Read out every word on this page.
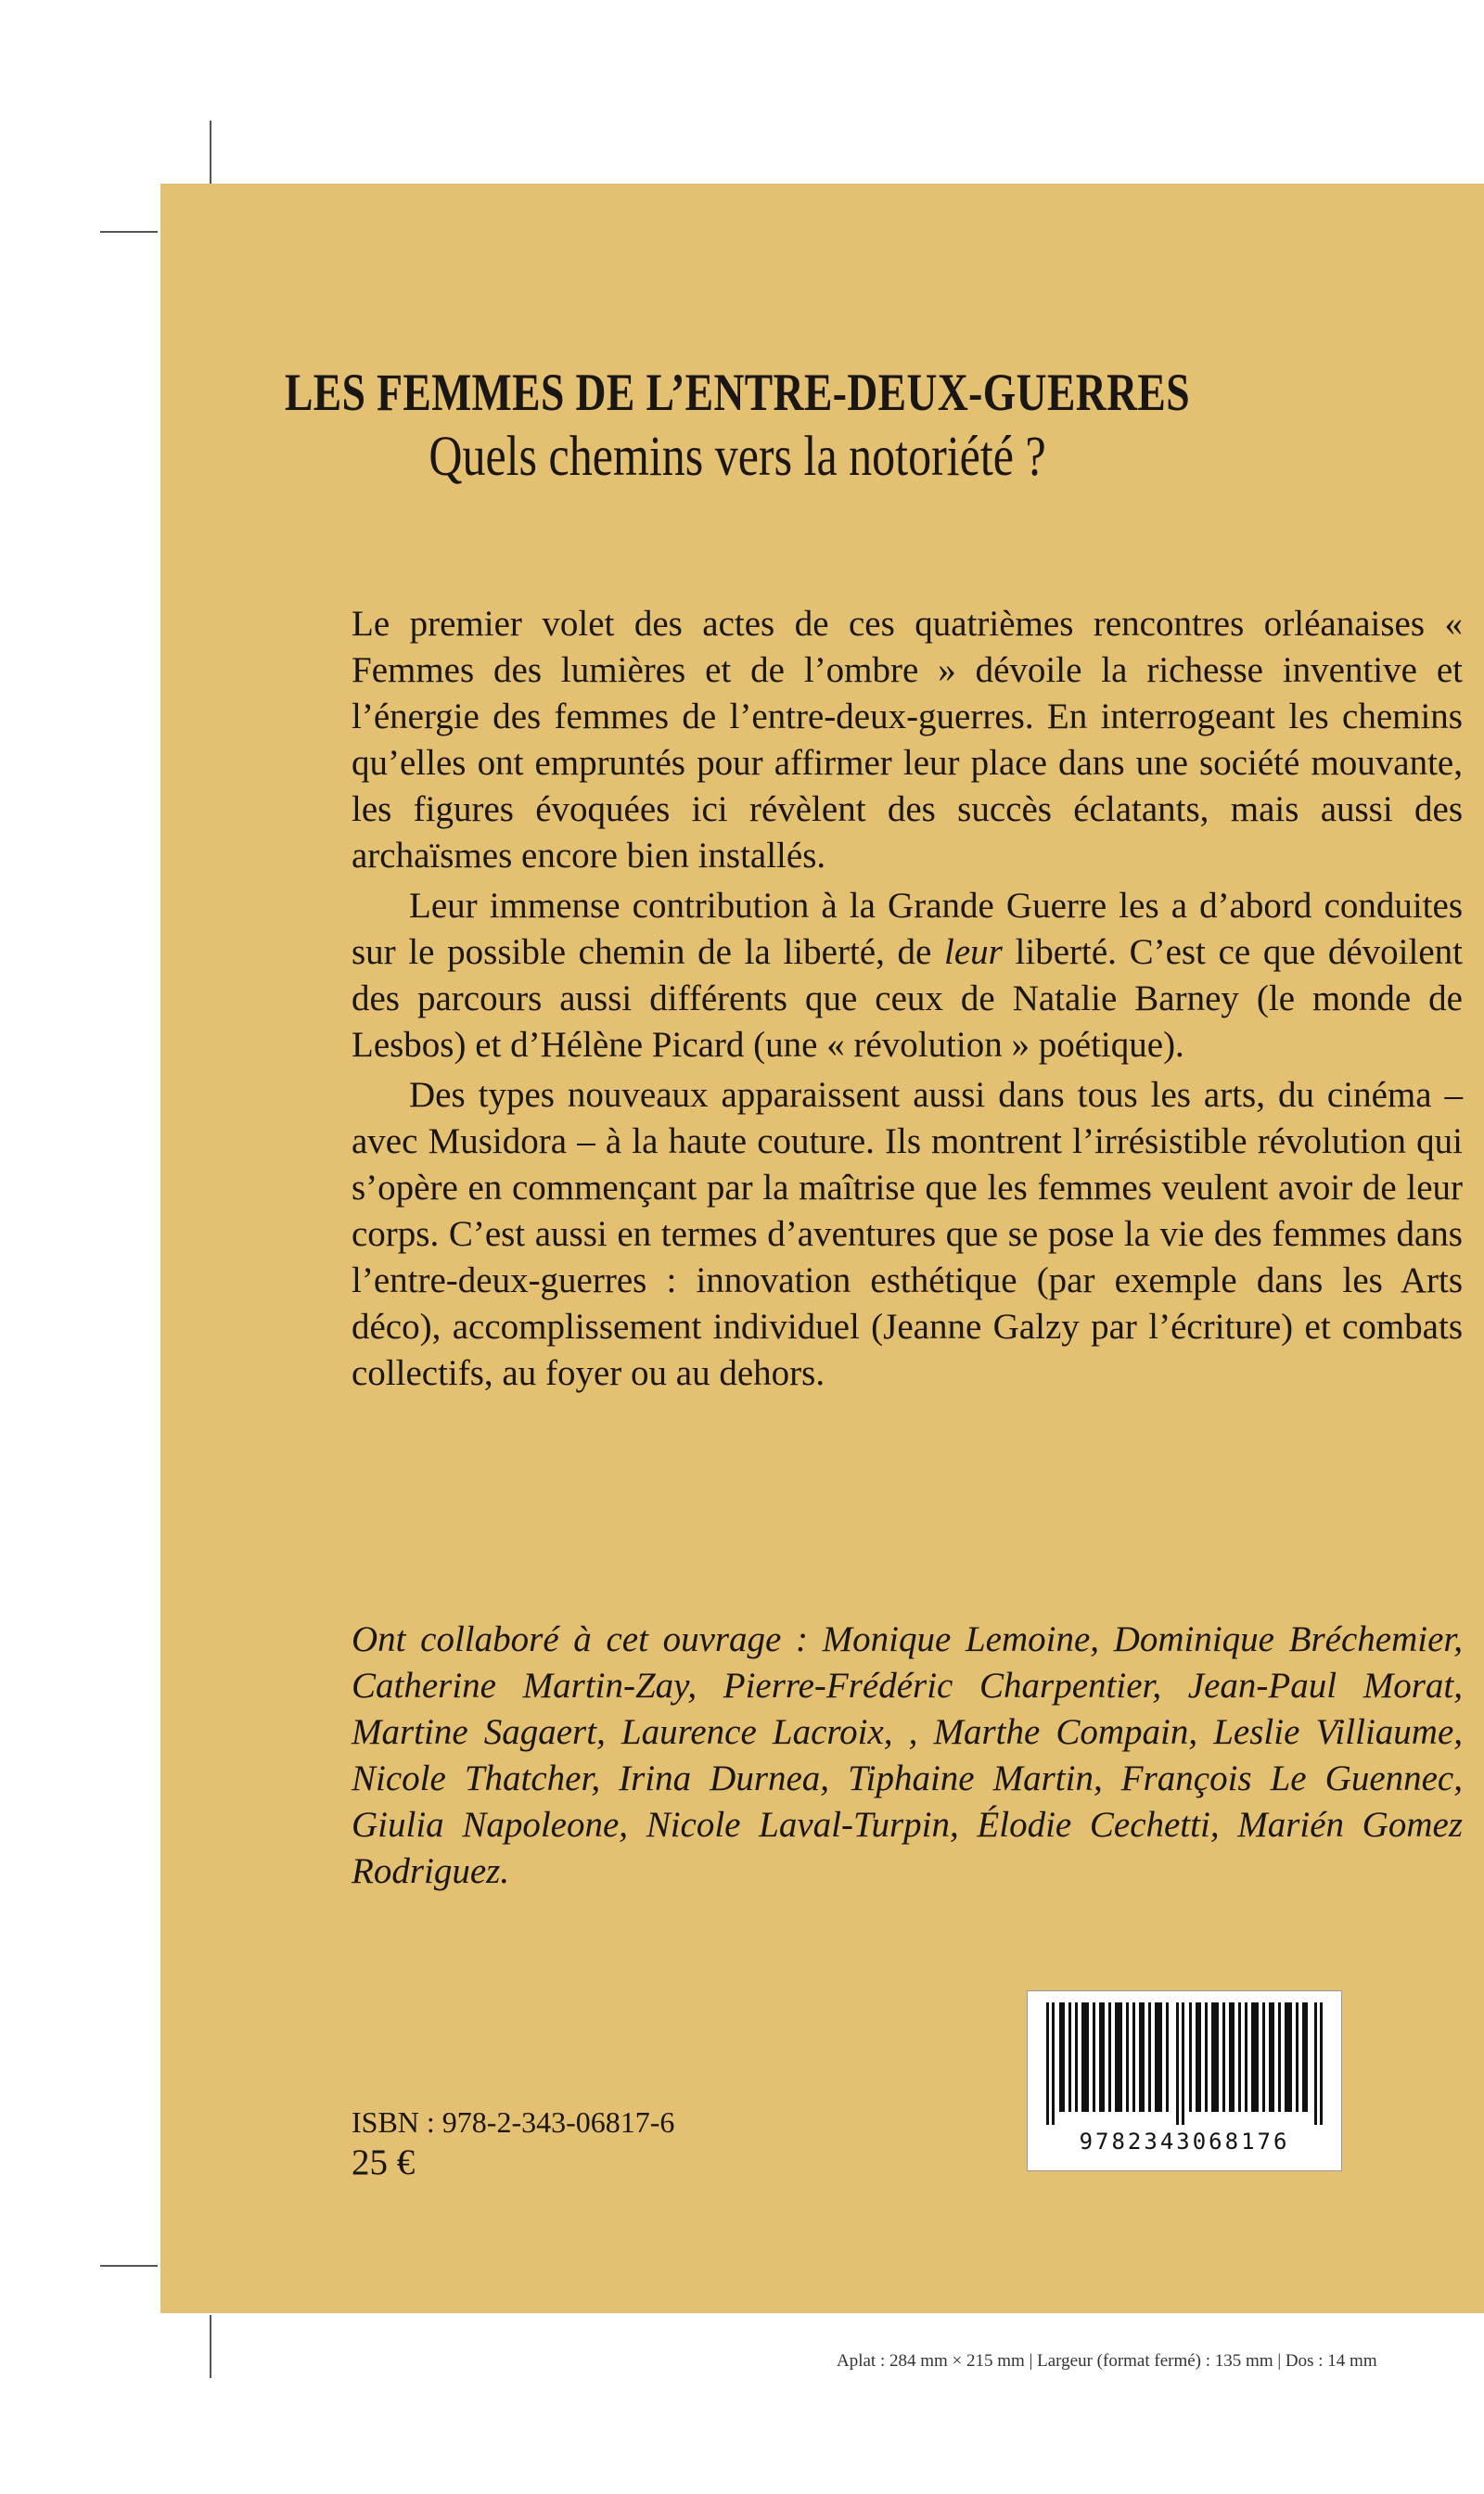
LES FEMMES DE L’ENTRE-DEUX-GUERRES
Quels chemins vers la notoriété ?

Le premier volet des actes de ces quatrièmes rencontres orléanaises « Femmes des lumières et de l’ombre » dévoile la richesse inventive et l’énergie des femmes de l’entre-deux-guerres. En interrogeant les chemins qu’elles ont empruntés pour affirmer leur place dans une société mouvante, les figures évoquées ici révèlent des succès éclatants, mais aussi des archaïsmes encore bien installés.

Leur immense contribution à la Grande Guerre les a d’abord conduites sur le possible chemin de la liberté, de leur liberté. C’est ce que dévoilent des parcours aussi différents que ceux de Natalie Barney (le monde de Lesbos) et d’Hélène Picard (une « révolution » poétique).

Des types nouveaux apparaissent aussi dans tous les arts, du cinéma – avec Musidora – à la haute couture. Ils montrent l’irrésistible révolution qui s’opère en commençant par la maîtrise que les femmes veulent avoir de leur corps. C’est aussi en termes d’aventures que se pose la vie des femmes dans l’entre-deux-guerres : innovation esthétique (par exemple dans les Arts déco), accomplissement individuel (Jeanne Galzy par l’écriture) et combats collectifs, au foyer ou au dehors.

Ont collaboré à cet ouvrage : Monique Lemoine, Dominique Bréchemier, Catherine Martin-Zay, Pierre-Frédéric Charpentier, Jean-Paul Morat, Martine Sagaert, Laurence Lacroix, , Marthe Compain, Leslie Villiaume, Nicole Thatcher, Irina Durnea, Tiphaine Martin, François Le Guennec, Giulia Napoleone, Nicole Laval-Turpin, Élodie Cechetti, Marién Gomez Rodriguez.
ISBN : 978-2-343-06817-6
25 €
9782343068176
Aplat : 284 mm × 215 mm | Largeur (format fermé) : 135 mm | Dos : 14 mm
